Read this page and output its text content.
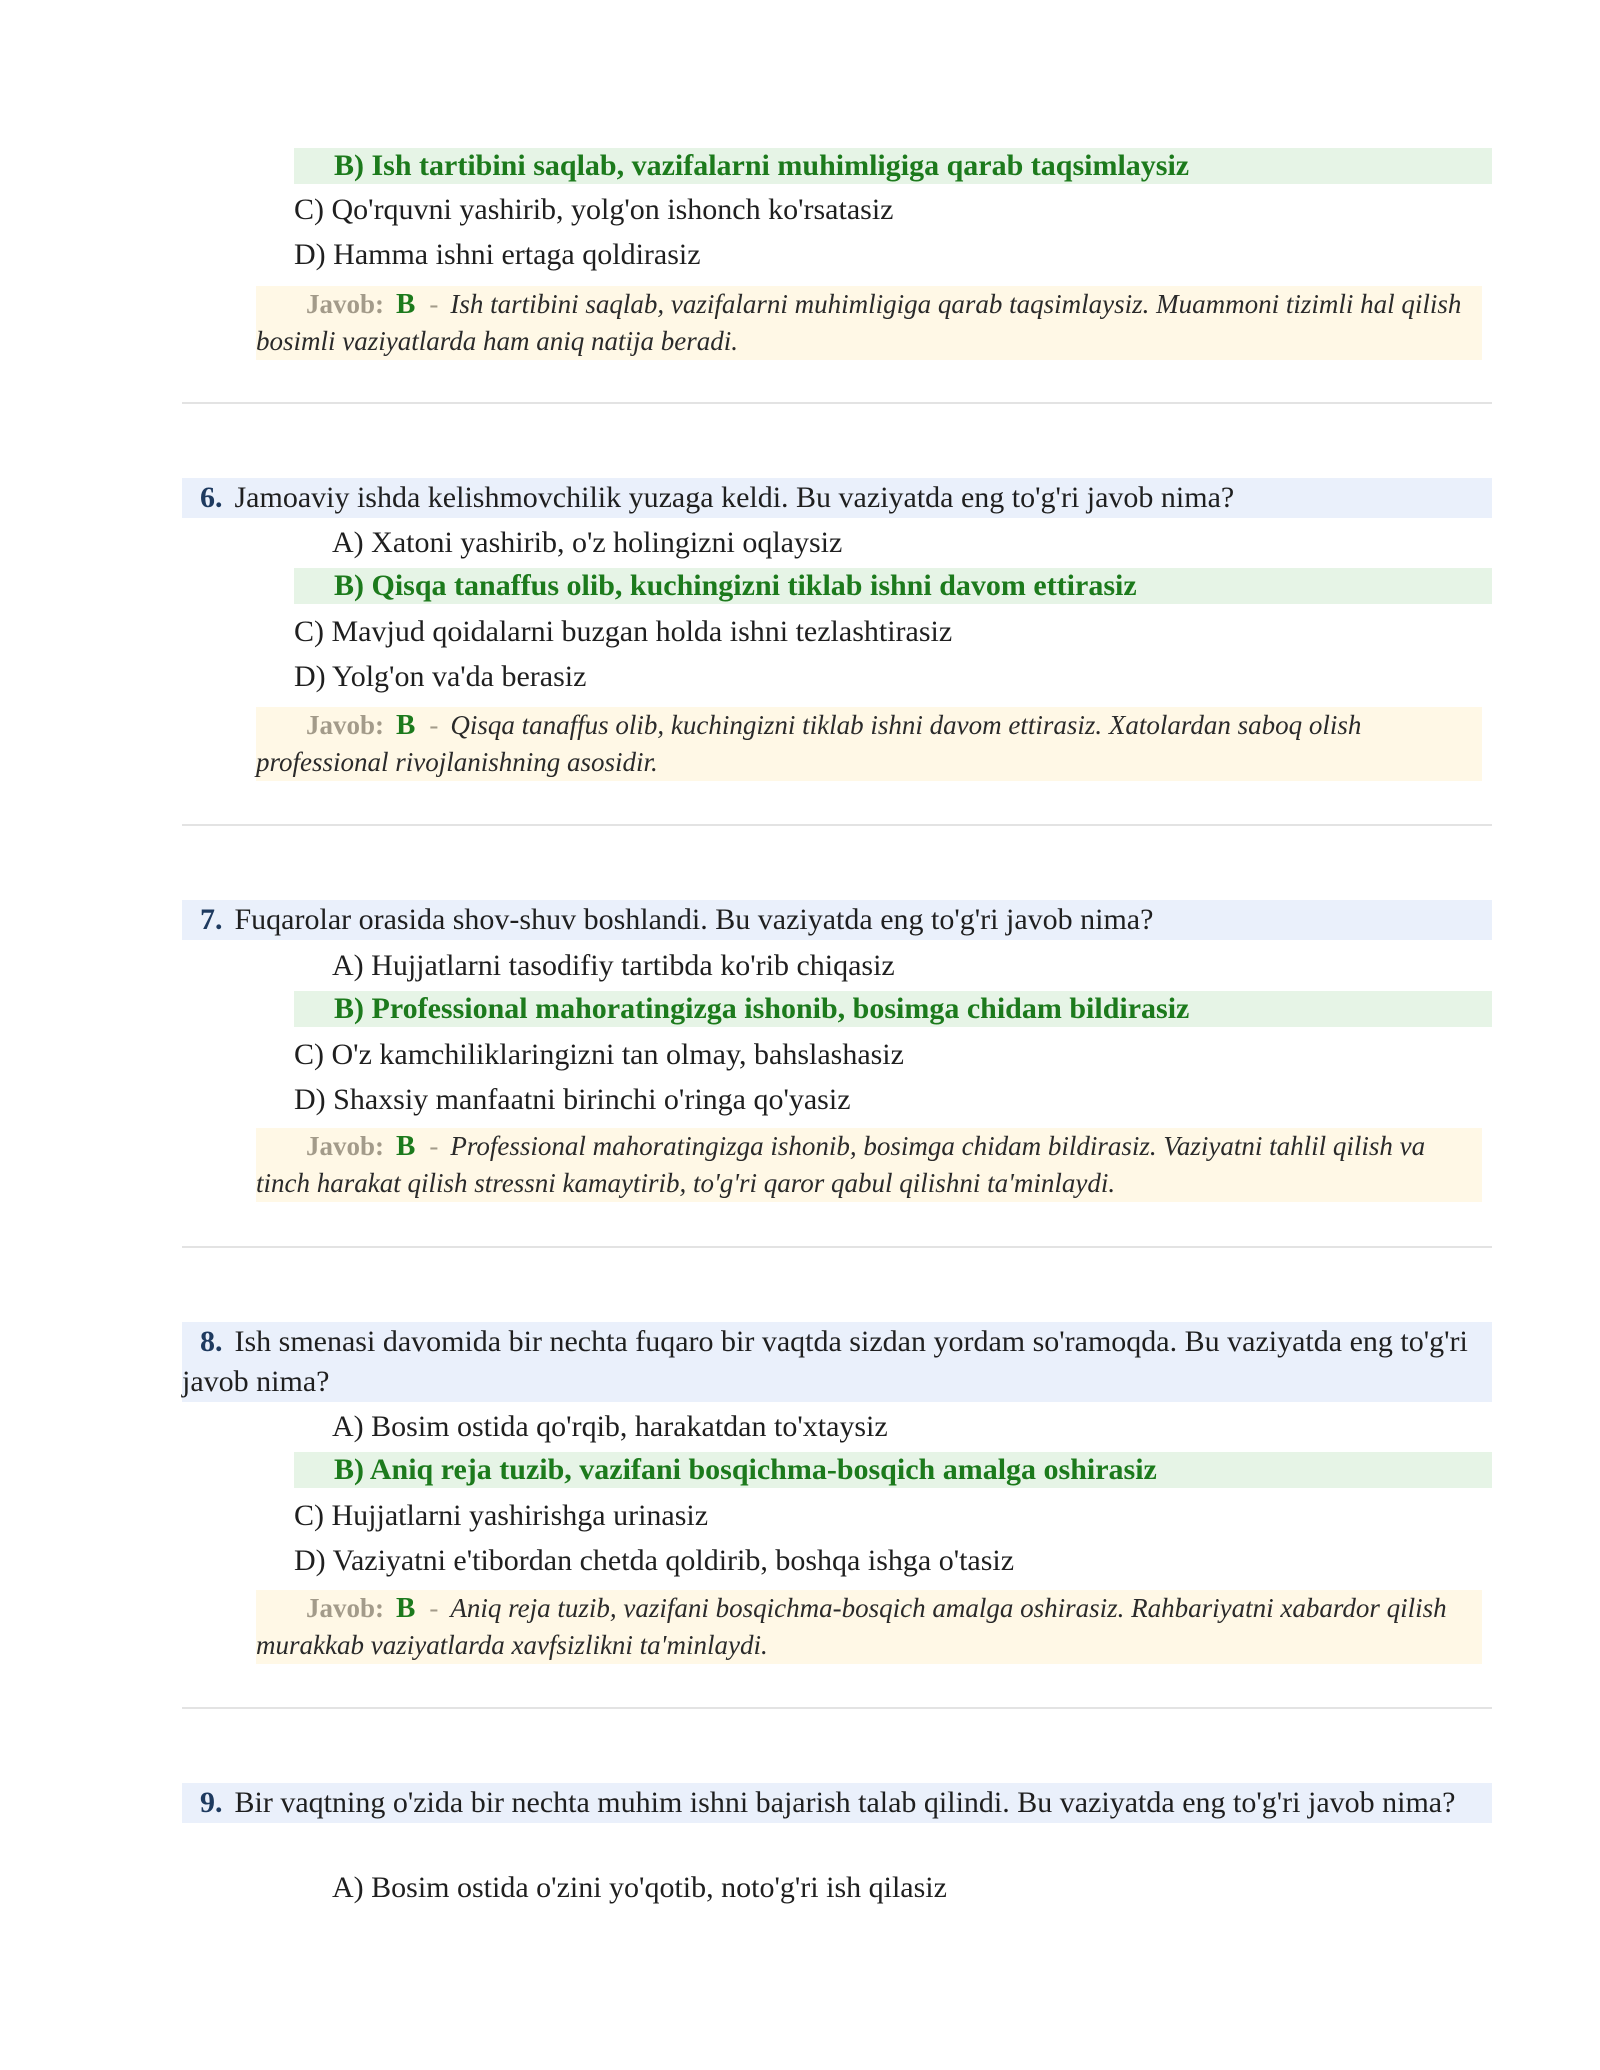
B) Ish tartibini saqlab, vazifalarni muhimligiga qarab taqsimlaysiz
C) Qo'rquvni yashirib, yolg'on ishonch ko'rsatasiz
D) Hamma ishni ertaga qoldirasiz
Javob: B - Ish tartibini saqlab, vazifalarni muhimligiga qarab taqsimlaysiz. Muammoni tizimli hal qilish bosimli vaziyatlarda ham aniq natija beradi.
6. Jamoaviy ishda kelishmovchilik yuzaga keldi. Bu vaziyatda eng to'g'ri javob nima?
A) Xatoni yashirib, o'z holingizni oqlaysiz
B) Qisqa tanaffus olib, kuchingizni tiklab ishni davom ettirasiz
C) Mavjud qoidalarni buzgan holda ishni tezlashtirasiz
D) Yolg'on va'da berasiz
Javob: B - Qisqa tanaffus olib, kuchingizni tiklab ishni davom ettirasiz. Xatolardan saboq olish professional rivojlanishning asosidir.
7. Fuqarolar orasida shov-shuv boshlandi. Bu vaziyatda eng to'g'ri javob nima?
A) Hujjatlarni tasodifiy tartibda ko'rib chiqasiz
B) Professional mahoratingizga ishonib, bosimga chidam bildirasiz
C) O'z kamchiliklaringizni tan olmay, bahslashasiz
D) Shaxsiy manfaatni birinchi o'ringa qo'yasiz
Javob: B - Professional mahoratingizga ishonib, bosimga chidam bildirasiz. Vaziyatni tahlil qilish va tinch harakat qilish stressni kamaytirib, to'g'ri qaror qabul qilishni ta'minlaydi.
8. Ish smenasi davomida bir nechta fuqaro bir vaqtda sizdan yordam so'ramoqda. Bu vaziyatda eng to'g'ri javob nima?
A) Bosim ostida qo'rqib, harakatdan to'xtaysiz
B) Aniq reja tuzib, vazifani bosqichma-bosqich amalga oshirasiz
C) Hujjatlarni yashirishga urinasiz
D) Vaziyatni e'tibordan chetda qoldirib, boshqa ishga o'tasiz
Javob: B - Aniq reja tuzib, vazifani bosqichma-bosqich amalga oshirasiz. Rahbariyatni xabardor qilish murakkab vaziyatlarda xavfsizlikni ta'minlaydi.
9. Bir vaqtning o'zida bir nechta muhim ishni bajarish talab qilindi. Bu vaziyatda eng to'g'ri javob nima?
A) Bosim ostida o'zini yo'qotib, noto'g'ri ish qilasiz
